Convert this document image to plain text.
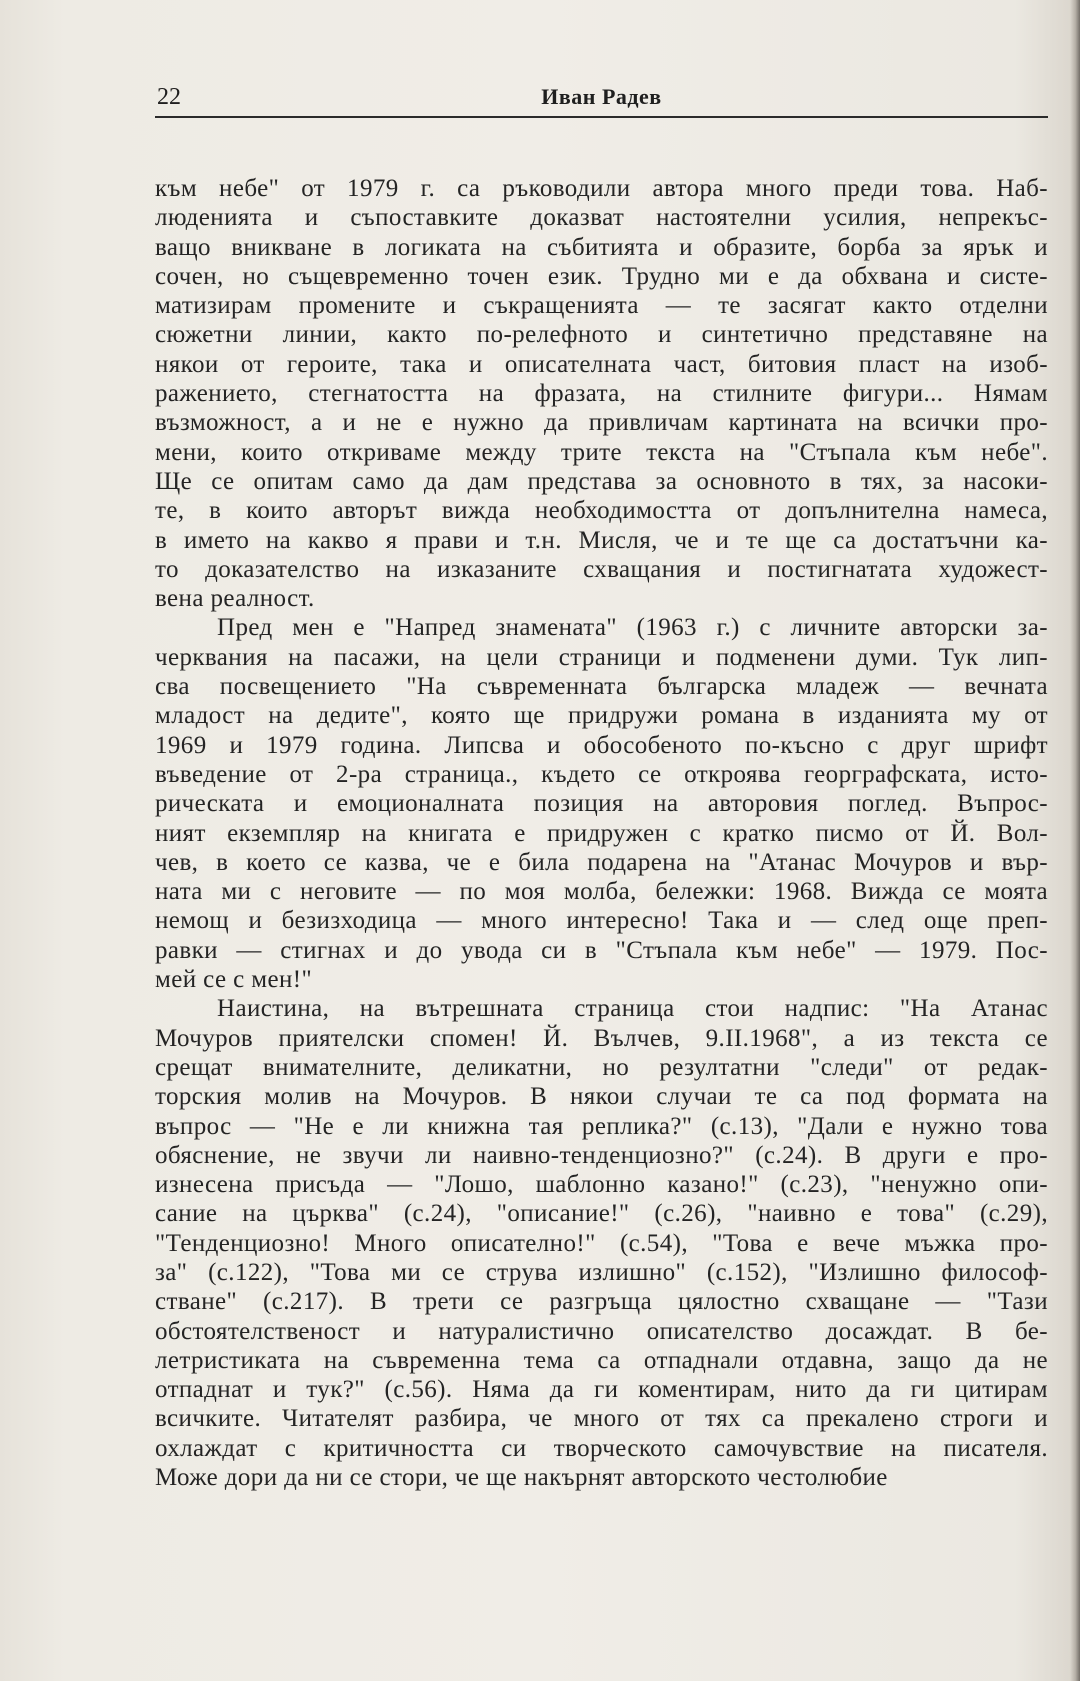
22	Иван Радев
към небе" от 1979 г. са ръководили автора много преди това. Наб-
люденията и съпоставките доказват настоятелни усилия, непрекъс-
ващо вникване в логиката на събитията и образите, борба за ярък и
сочен, но същевременно точен език. Трудно ми е да обхвана и систе-
матизирам промените и съкращенията — те засягат както отделни
сюжетни линии, както по-релефното и синтетично представяне на
някои от героите, така и описателната част, битовия пласт на изоб-
ражението, стегнатостта на фразата, на стилните фигури... Нямам
възможност, а и не е нужно да привличам картината на всички про-
мени, които откриваме между трите текста на "Стъпала към небе".
Ще се опитам само да дам представа за основното в тях, за насоки-
те, в които авторът вижда необходимостта от допълнителна намеса,
в името на какво я прави и т.н. Мисля, че и те ще са достатъчни ка-
то доказателство на изказаните схващания и постигнатата художест-
вена реалност.
Пред мен е "Напред знамената" (1963 г.) с личните авторски за-
черквания на пасажи, на цели страници и подменени думи. Тук лип-
сва посвещението "На съвременната българска младеж — вечната
младост на дедите", която ще придружи романа в изданията му от
1969 и 1979 година. Липсва и обособеното по-късно с друг шрифт
въведение от 2-ра страница., където се откроява георграфската, исто-
рическата и емоционалната позиция на авторовия поглед. Въпрос-
ният екземпляр на книгата е придружен с кратко писмо от Й. Вол-
чев, в което се казва, че е била подарена на "Атанас Мочуров и вър-
ната ми с неговите — по моя молба, бележки: 1968. Вижда се моята
немощ и безизходица — много интересно! Така и — след още преп-
равки — стигнах и до увода си в "Стъпала към небе" — 1979. Пос-
мей се с мен!"
Наистина, на вътрешната страница стои надпис: "На Атанас
Мочуров приятелски спомен! Й. Вълчев, 9.II.1968", а из текста се
срещат внимателните, деликатни, но резултатни "следи" от редак-
торския молив на Мочуров. В някои случаи те са под формата на
въпрос — "Не е ли книжна тая реплика?" (с.13), "Дали е нужно това
обяснение, не звучи ли наивно-тенденциозно?" (с.24). В други е про-
изнесена присъда — "Лошо, шаблонно казано!" (с.23), "ненужно опи-
сание на църква" (с.24), "описание!" (с.26), "наивно е това" (с.29),
"Тенденциозно! Много описателно!" (с.54), "Това е вече мъжка про-
за" (с.122), "Това ми се струва излишно" (с.152), "Излишно философ-
стване" (с.217). В трети се разгръща цялостно схващане — "Тази
обстоятелственост и натуралистично описателство досаждат. В бе-
летристиката на съвременна тема са отпаднали отдавна, защо да не
отпаднат и тук?" (с.56). Няма да ги коментирам, нито да ги цитирам
всичките. Читателят разбира, че много от тях са прекалено строги и
охлаждат с критичността си творческото самочувствие на писателя.
Може дори да ни се стори, че ще накърнят авторското честолюбие
